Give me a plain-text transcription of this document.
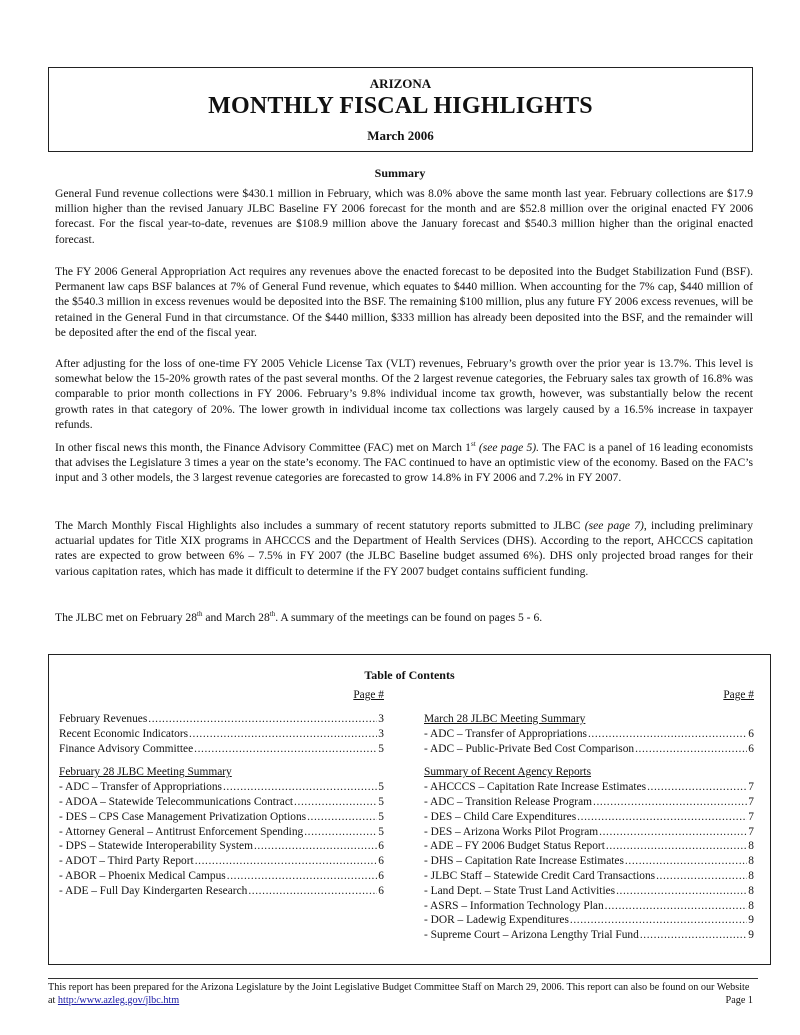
ARIZONA
MONTHLY FISCAL HIGHLIGHTS
March 2006
Summary

General Fund revenue collections were $430.1 million in February, which was 8.0% above the same month last year. February collections are $17.9 million higher than the revised January JLBC Baseline FY 2006 forecast for the month and are $52.8 million over the original enacted FY 2006 forecast. For the fiscal year-to-date, revenues are $108.9 million above the January forecast and $540.3 million higher than the original enacted forecast.

The FY 2006 General Appropriation Act requires any revenues above the enacted forecast to be deposited into the Budget Stabilization Fund (BSF). Permanent law caps BSF balances at 7% of General Fund revenue, which equates to $440 million. When accounting for the 7% cap, $440 million of the $540.3 million in excess revenues would be deposited into the BSF. The remaining $100 million, plus any future FY 2006 excess revenues, will be retained in the General Fund in that circumstance. Of the $440 million, $333 million has already been deposited into the BSF, and the remainder will be deposited after the end of the fiscal year.

After adjusting for the loss of one-time FY 2005 Vehicle License Tax (VLT) revenues, February’s growth over the prior year is 13.7%. This level is somewhat below the 15-20% growth rates of the past several months. Of the 2 largest revenue categories, the February sales tax growth of 16.8% was comparable to prior month collections in FY 2006. February’s 9.8% individual income tax growth, however, was substantially below the recent growth rates in that category of 20%. The lower growth in individual income tax collections was largely caused by a 16.5% increase in taxpayer refunds.

In other fiscal news this month, the Finance Advisory Committee (FAC) met on March 1st (see page 5). The FAC is a panel of 16 leading economists that advises the Legislature 3 times a year on the state’s economy. The FAC continued to have an optimistic view of the economy. Based on the FAC’s input and 3 other models, the 3 largest revenue categories are forecasted to grow 14.8% in FY 2006 and 7.2% in FY 2007.

The March Monthly Fiscal Highlights also includes a summary of recent statutory reports submitted to JLBC (see page 7), including preliminary actuarial updates for Title XIX programs in AHCCCS and the Department of Health Services (DHS). According to the report, AHCCCS capitation rates are expected to grow between 6% – 7.5% in FY 2007 (the JLBC Baseline budget assumed 6%). DHS only projected broad ranges for their various capitation rates, which has made it difficult to determine if the FY 2007 budget contains sufficient funding.

The JLBC met on February 28th and March 28th. A summary of the meetings can be found on pages 5 - 6.

Table of Contents
Page #
February Revenues .....	3
Recent Economic Indicators .....	3
Finance Advisory Committee .....	5
February 28 JLBC Meeting Summary
- ADC – Transfer of Appropriations .....	5
- ADOA – Statewide Telecommunications Contract .....	5
- DES – CPS Case Management Privatization Options .....	5
- Attorney General – Antitrust Enforcement Spending .....	5
- DPS – Statewide Interoperability System .....	6
- ADOT – Third Party Report .....	6
- ABOR – Phoenix Medical Campus .....	6
- ADE – Full Day Kindergarten Research .....	6
Page #
March 28 JLBC Meeting Summary
- ADC – Transfer of Appropriations .....	6
- ADC – Public-Private Bed Cost Comparison .....	6
Summary of Recent Agency Reports
- AHCCCS – Capitation Rate Increase Estimates .....	7
- ADC – Transition Release Program .....	7
- DES – Child Care Expenditures .....	7
- DES – Arizona Works Pilot Program .....	7
- ADE – FY 2006 Budget Status Report .....	8
- DHS – Capitation Rate Increase Estimates .....	8
- JLBC Staff – Statewide Credit Card Transactions .....	8
- Land Dept. – State Trust Land Activities .....	8
- ASRS – Information Technology Plan .....	8
- DOR – Ladewig Expenditures .....	9
- Supreme Court – Arizona Lengthy Trial Fund .....	9
This report has been prepared for the Arizona Legislature by the Joint Legislative Budget Committee Staff on March 29, 2006. This report can also be found on our Website at http:/www.azleg.gov/jlbc.htm	Page 1
